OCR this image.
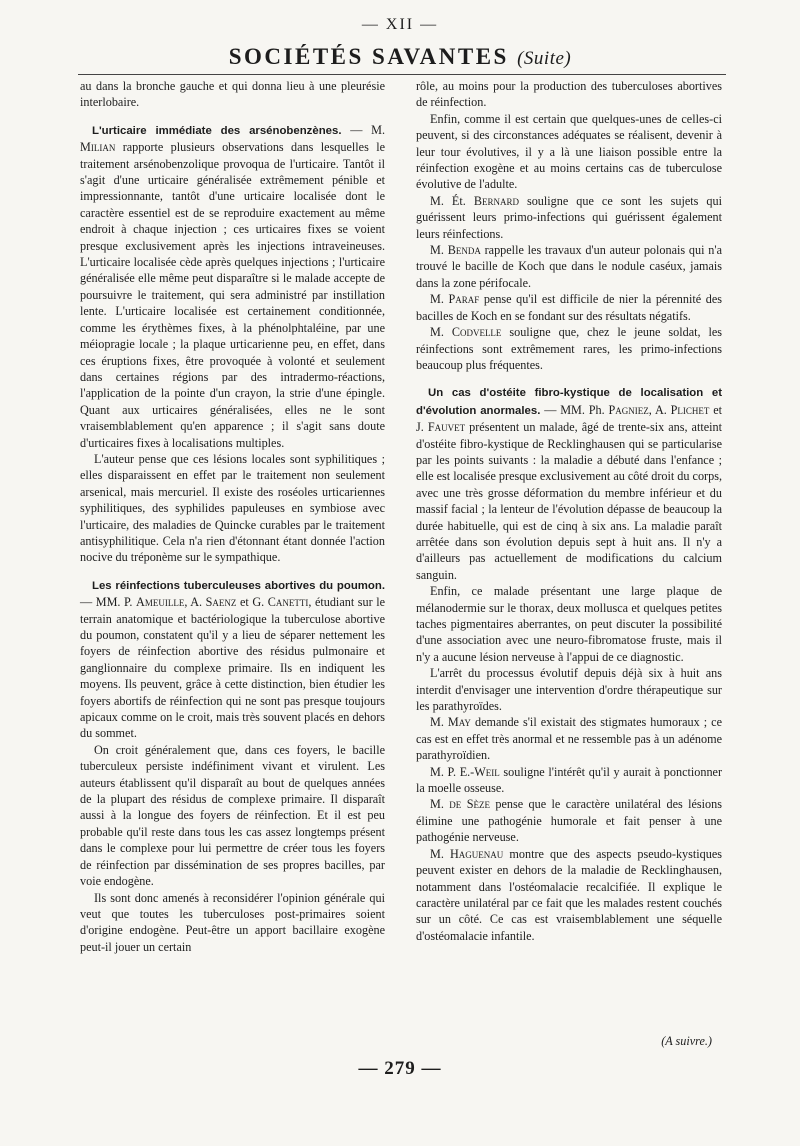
— XII —
SOCIÉTÉS SAVANTES (Suite)

au dans la bronche gauche et qui donna lieu à une pleurésie interlobaire.

L'urticaire immédiate des arsénobenzènes. — M. Milian rapporte plusieurs observations dans lesquelles le traitement arsénobenzolique provoqua de l'urticaire. Tantôt il s'agit d'une urticaire généralisée extrêmement pénible et impressionnante, tantôt d'une urticaire localisée dont le caractère essentiel est de se reproduire exactement au même endroit à chaque injection ; ces urticaires fixes se voient presque exclusivement après les injections intraveineuses. L'urticaire localisée cède après quelques injections ; l'urticaire généralisée elle même peut disparaître si le malade accepte de poursuivre le traitement, qui sera administré par instillation lente. L'urticaire localisée est certainement conditionnée, comme les érythèmes fixes, à la phénolphtaléine, par une méiopragie locale ; la plaque urticarienne peu, en effet, dans ces éruptions fixes, être provoquée à volonté et seulement dans certaines régions par des intradermo-réactions, l'application de la pointe d'un crayon, la strie d'une épingle. Quant aux urticaires généralisées, elles ne le sont vraisemblablement qu'en apparence ; il s'agit sans doute d'urticaires fixes à localisations multiples.

L'auteur pense que ces lésions locales sont syphilitiques ; elles disparaissent en effet par le traitement non seulement arsenical, mais mercuriel. Il existe des roséoles urticariennes syphilitiques, des syphilides papuleuses en symbiose avec l'urticaire, des maladies de Quincke curables par le traitement antisyphilitique. Cela n'a rien d'étonnant étant donnée l'action nocive du tréponème sur le sympathique.

Les réinfections tuberculeuses abortives du poumon. — MM. P. Ameuille, A. Saenz et G. Canetti, étudiant sur le terrain anatomique et bactériologique la tuberculose abortive du poumon, constatent qu'il y a lieu de séparer nettement les foyers de réinfection abortive des résidus pulmonaire et ganglionnaire du complexe primaire. Ils en indiquent les moyens. Ils peuvent, grâce à cette distinction, bien étudier les foyers abortifs de réinfection qui ne sont pas presque toujours apicaux comme on le croit, mais très souvent placés en dehors du sommet.

On croit généralement que, dans ces foyers, le bacille tuberculeux persiste indéfiniment vivant et virulent. Les auteurs établissent qu'il disparaît au bout de quelques années de la plupart des résidus de complexe primaire. Il disparaît aussi à la longue des foyers de réinfection. Et il est peu probable qu'il reste dans tous les cas assez longtemps présent dans le complexe pour lui permettre de créer tous les foyers de réinfection par dissémination de ses propres bacilles, par voie endogène.

Ils sont donc amenés à reconsidérer l'opinion générale qui veut que toutes les tuberculoses post-primaires soient d'origine endogène. Peut-être un apport bacillaire exogène peut-il jouer un certain

rôle, au moins pour la production des tuberculoses abortives de réinfection.

Enfin, comme il est certain que quelques-unes de celles-ci peuvent, si des circonstances adéquates se réalisent, devenir à leur tour évolutives, il y a là une liaison possible entre la réinfection exogène et au moins certains cas de tuberculose évolutive de l'adulte.

M. Ét. Bernard souligne que ce sont les sujets qui guérissent leurs primo-infections qui guérissent également leurs réinfections.

M. Benda rappelle les travaux d'un auteur polonais qui n'a trouvé le bacille de Koch que dans le nodule caséux, jamais dans la zone périfocale.

M. Paraf pense qu'il est difficile de nier la pérennité des bacilles de Koch en se fondant sur des résultats négatifs.

M. Codvelle souligne que, chez le jeune soldat, les réinfections sont extrêmement rares, les primo-infections beaucoup plus fréquentes.

Un cas d'ostéite fibro-kystique de localisation et d'évolution anormales. — MM. Ph. Pagniez, A. Plichet et J. Fauvet présentent un malade, âgé de trente-six ans, atteint d'ostéite fibro-kystique de Recklinghausen qui se particularise par les points suivants : la maladie a débuté dans l'enfance ; elle est localisée presque exclusivement au côté droit du corps, avec une très grosse déformation du membre inférieur et du massif facial ; la lenteur de l'évolution dépasse de beaucoup la durée habituelle, qui est de cinq à six ans. La maladie paraît arrêtée dans son évolution depuis sept à huit ans. Il n'y a d'ailleurs pas actuellement de modifications du calcium sanguin.

Enfin, ce malade présentant une large plaque de mélanodermie sur le thorax, deux mollusca et quelques petites taches pigmentaires aberrantes, on peut discuter la possibilité d'une association avec une neuro-fibromatose fruste, mais il n'y a aucune lésion nerveuse à l'appui de ce diagnostic.

L'arrêt du processus évolutif depuis déjà six à huit ans interdit d'envisager une intervention d'ordre thérapeutique sur les parathyroïdes.

M. May demande s'il existait des stigmates humoraux ; ce cas est en effet très anormal et ne ressemble pas à un adénome parathyroïdien.

M. P. E.-Weil souligne l'intérêt qu'il y aurait à ponctionner la moelle osseuse.

M. de Sèze pense que le caractère unilatéral des lésions élimine une pathogénie humorale et fait penser à une pathogénie nerveuse.

M. Haguenau montre que des aspects pseudo-kystiques peuvent exister en dehors de la maladie de Recklinghausen, notamment dans l'ostéomalacie recalcifiée. Il explique le caractère unilatéral par ce fait que les malades restent couchés sur un côté. Ce cas est vraisemblablement une séquelle d'ostéomalacie infantile.

(A suivre.)
— 279 —
